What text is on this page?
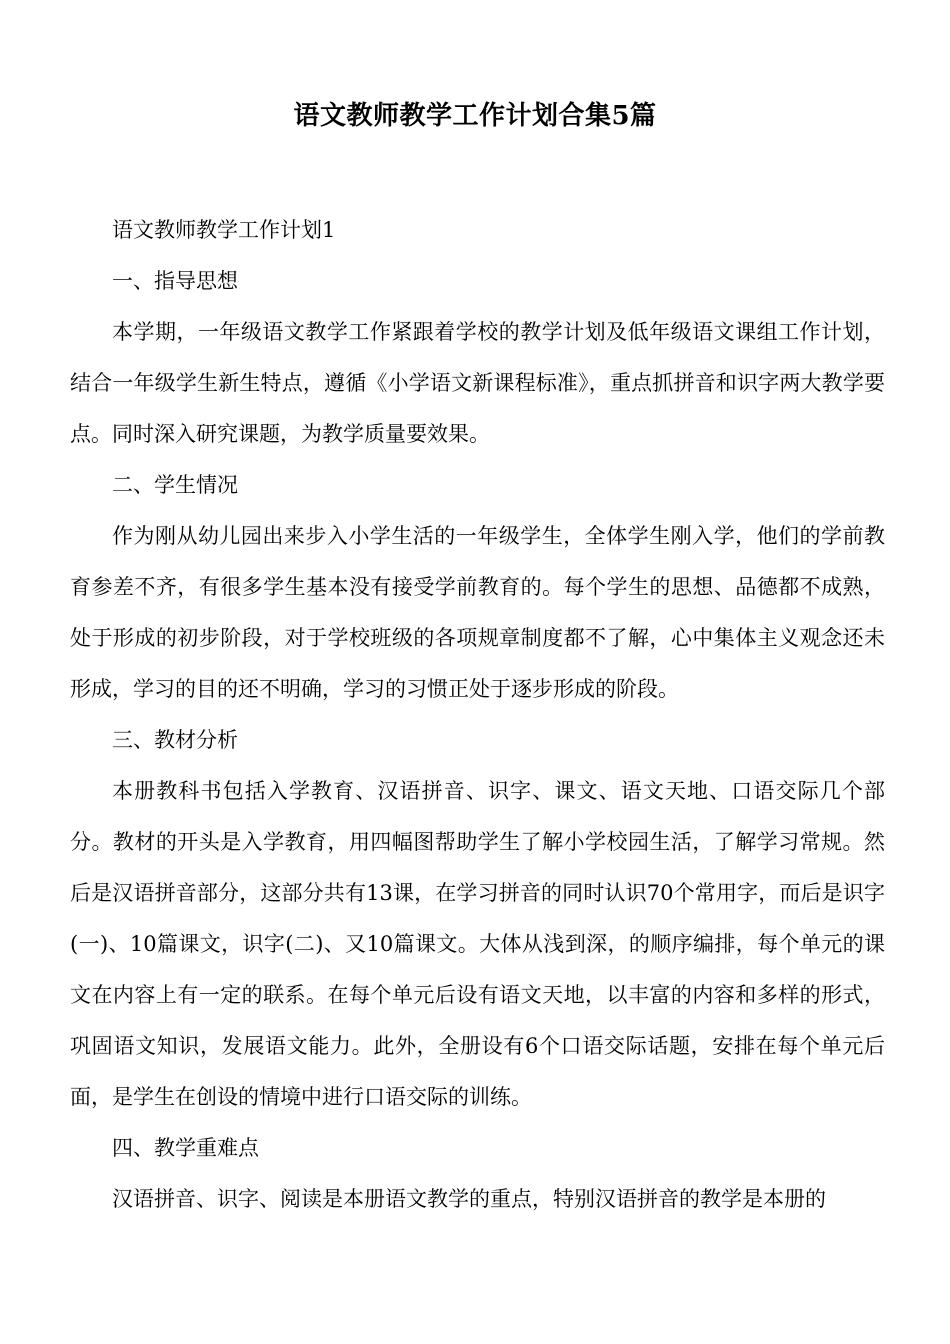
语文教师教学工作计划合集5篇

语文教师教学工作计划1

一、指导思想

本学期，一年级语文教学工作紧跟着学校的教学计划及低年级语文课组工作计划，结合一年级学生新生特点，遵循《小学语文新课程标准》，重点抓拼音和识字两大教学要点。同时深入研究课题，为教学质量要效果。

二、学生情况

作为刚从幼儿园出来步入小学生活的一年级学生，全体学生刚入学，他们的学前教育参差不齐，有很多学生基本没有接受学前教育的。每个学生的思想、品德都不成熟，处于形成的初步阶段，对于学校班级的各项规章制度都不了解，心中集体主义观念还未形成，学习的目的还不明确，学习的习惯正处于逐步形成的阶段。

三、教材分析

本册教科书包括入学教育、汉语拼音、识字、课文、语文天地、口语交际几个部分。教材的开头是入学教育，用四幅图帮助学生了解小学校园生活，了解学习常规。然后是汉语拼音部分，这部分共有13课，在学习拼音的同时认识70个常用字，而后是识字(一)、10篇课文，识字(二)、又10篇课文。大体从浅到深，的顺序编排，每个单元的课文在内容上有一定的联系。在每个单元后设有语文天地，以丰富的内容和多样的形式，巩固语文知识，发展语文能力。此外，全册设有6个口语交际话题，安排在每个单元后面，是学生在创设的情境中进行口语交际的训练。

四、教学重难点

汉语拼音、识字、阅读是本册语文教学的重点，特别汉语拼音的教学是本册的
